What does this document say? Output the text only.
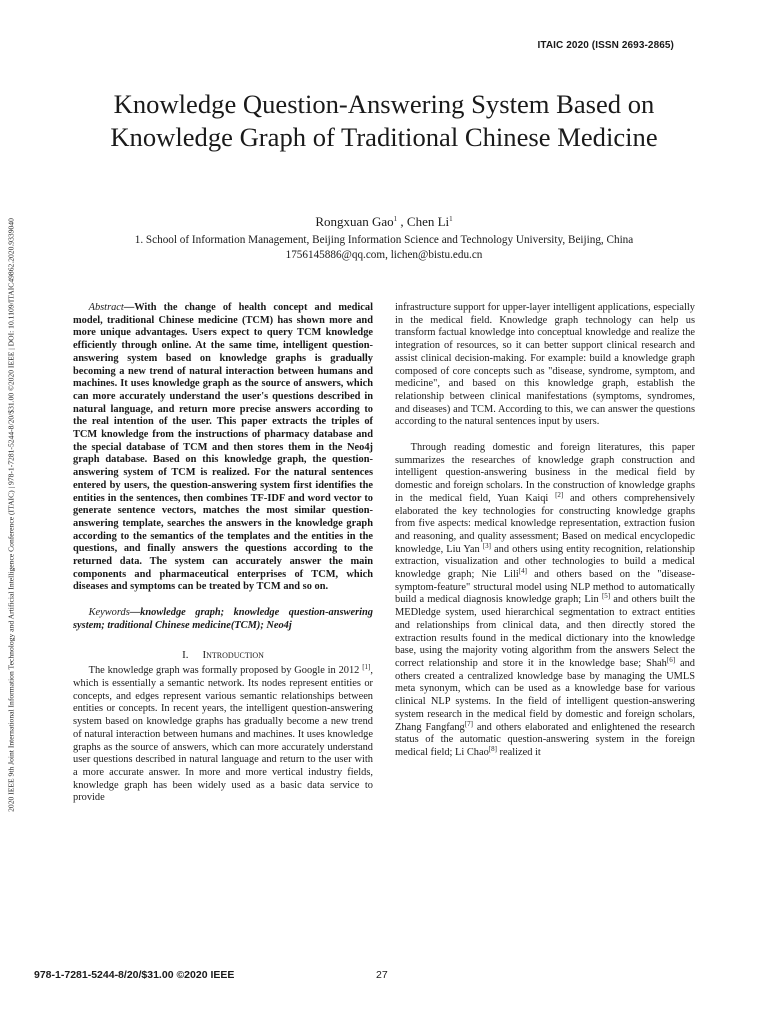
ITAIC 2020 (ISSN 2693-2865)
2020 IEEE 9th Joint International Information Technology and Artificial Intelligence Conference (ITAIC) | 978-1-7281-5244-8/20/$31.00 ©2020 IEEE | DOI: 10.1109/ITAIC49862.2020.9339040
Knowledge Question-Answering System Based on Knowledge Graph of Traditional Chinese Medicine
Rongxuan Gao$^1$ , Chen Li$^1$
1. School of Information Management, Beijing Information Science and Technology University, Beijing, China
1756145886@qq.com, lichen@bistu.edu.cn

Abstract—With the change of health concept and medical model, traditional Chinese medicine (TCM) has shown more and more unique advantages. Users expect to query TCM knowledge efficiently through online. At the same time, intelligent question-answering system based on knowledge graphs is gradually becoming a new trend of natural interaction between humans and machines. It uses knowledge graph as the source of answers, which can more accurately understand the user's questions described in natural language, and return more precise answers according to the real intention of the user. This paper extracts the triples of TCM knowledge from the instructions of pharmacy database and the special database of TCM and then stores them in the Neo4j graph database. Based on this knowledge graph, the question-answering system of TCM is realized. For the natural sentences entered by users, the question-answering system first identifies the entities in the sentences, then combines TF-IDF and word vector to generate sentence vectors, matches the most similar question-answering template, searches the answers in the knowledge graph according to the semantics of the templates and the entities in the questions, and finally answers the questions according to the returned data. The system can accurately answer the main components and pharmaceutical enterprises of TCM, which diseases and symptoms can be treated by TCM and so on.

Keywords—knowledge graph; knowledge question-answering system; traditional Chinese medicine(TCM); Neo4j

I. Introduction

The knowledge graph was formally proposed by Google in 2012 [1], which is essentially a semantic network. Its nodes represent entities or concepts, and edges represent various semantic relationships between entities or concepts. In recent years, the intelligent question-answering system based on knowledge graphs has gradually become a new trend of natural interaction between humans and machines. It uses knowledge graphs as the source of answers, which can more accurately understand user questions described in natural language and return to the user with a more accurate answer. In more and more vertical industry fields, knowledge graph has been widely used as a basic data service to provide

infrastructure support for upper-layer intelligent applications, especially in the medical field. Knowledge graph technology can help us transform factual knowledge into conceptual knowledge and realize the integration of resources, so it can better support clinical research and assist clinical decision-making. For example: build a knowledge graph composed of core concepts such as "disease, syndrome, symptom, and medicine", and based on this knowledge graph, establish the relationship between clinical manifestations (symptoms, syndromes, and diseases) and TCM. According to this, we can answer the questions according to the natural sentences input by users.

Through reading domestic and foreign literatures, this paper summarizes the researches of knowledge graph construction and intelligent question-answering business in the medical field by domestic and foreign scholars. In the construction of knowledge graphs in the medical field, Yuan Kaiqi [2] and others comprehensively elaborated the key technologies for constructing knowledge graphs from five aspects: medical knowledge representation, extraction fusion and reasoning, and quality assessment; Based on medical encyclopedic knowledge, Liu Yan [3] and others using entity recognition, relationship extraction, visualization and other technologies to build a medical knowledge graph; Nie Lili[4] and others based on the "disease-symptom-feature" structural model using NLP method to automatically build a medical diagnosis knowledge graph; Lin [5] and others built the MEDledge system, used hierarchical segmentation to extract entities and relationships from clinical data, and then directly stored the extraction results found in the medical dictionary into the knowledge base, using the majority voting algorithm from the answers Select the correct relationship and store it in the knowledge base; Shah[6] and others created a centralized knowledge base by managing the UMLS meta synonym, which can be used as a knowledge base for various clinical NLP systems. In the field of intelligent question-answering system research in the medical field by domestic and foreign scholars, Zhang Fangfang[7] and others elaborated and enlightened the research status of the automatic question-answering system in the foreign medical field; Li Chao[8] realized it

978-1-7281-5244-8/20/$31.00 ©2020 IEEE	27
